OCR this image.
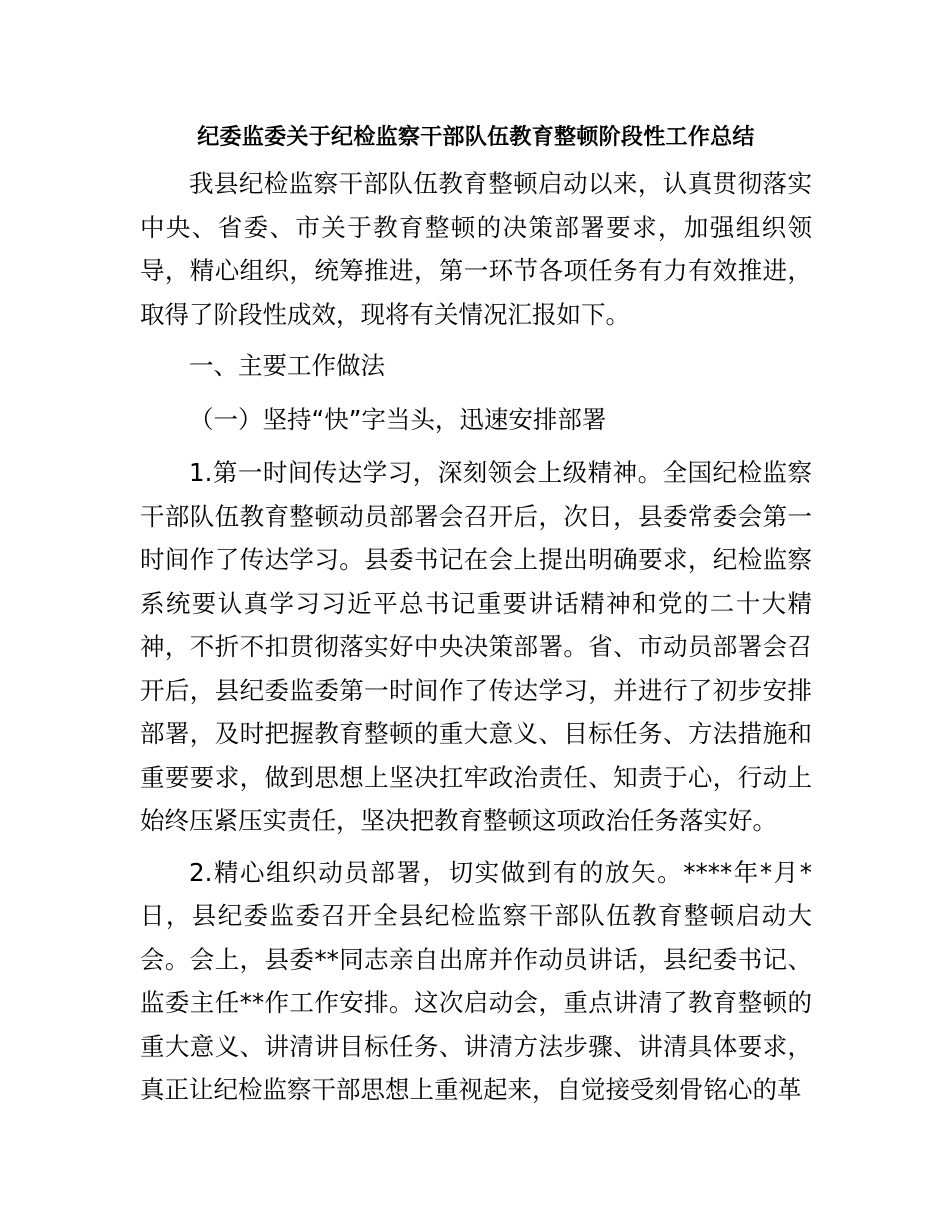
纪委监委关于纪检监察干部队伍教育整顿阶段性工作总结

我县纪检监察干部队伍教育整顿启动以来，认真贯彻落实中央、省委、市关于教育整顿的决策部署要求，加强组织领导，精心组织，统筹推进，第一环节各项任务有力有效推进，取得了阶段性成效，现将有关情况汇报如下。

一、主要工作做法

（一）坚持“快”字当头，迅速安排部署

1.第一时间传达学习，深刻领会上级精神。全国纪检监察干部队伍教育整顿动员部署会召开后，次日，县委常委会第一时间作了传达学习。县委书记在会上提出明确要求，纪检监察系统要认真学习习近平总书记重要讲话精神和党的二十大精神，不折不扣贯彻落实好中央决策部署。省、市动员部署会召开后，县纪委监委第一时间作了传达学习，并进行了初步安排部署，及时把握教育整顿的重大意义、目标任务、方法措施和重要要求，做到思想上坚决扛牢政治责任、知责于心，行动上始终压紧压实责任，坚决把教育整顿这项政治任务落实好。

2.精心组织动员部署，切实做到有的放矢。****年*月*日，县纪委监委召开全县纪检监察干部队伍教育整顿启动大会。会上，县委**同志亲自出席并作动员讲话，县纪委书记、监委主任**作工作安排。这次启动会，重点讲清了教育整顿的重大意义、讲清讲目标任务、讲清方法步骤、讲清具体要求，真正让纪检监察干部思想上重视起来，自觉接受刻骨铭心的革
